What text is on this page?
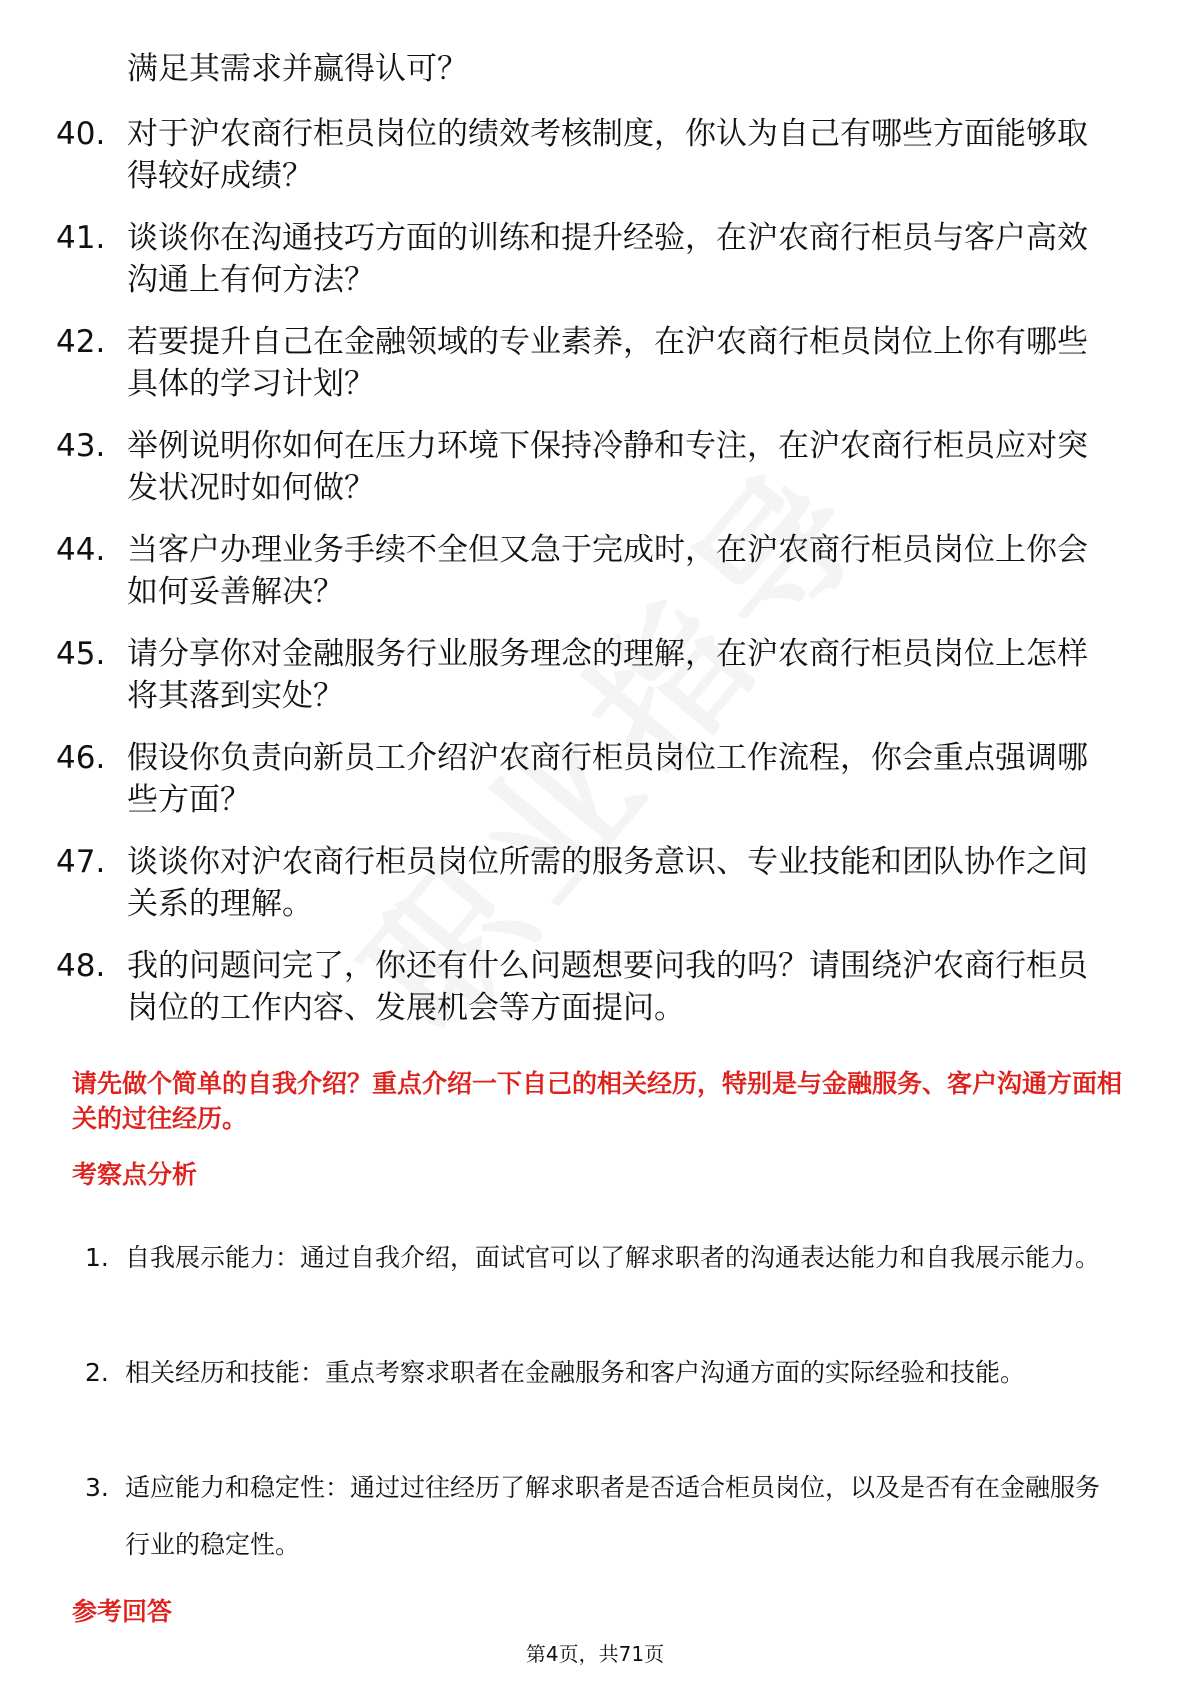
满足其需求并赢得认可？

40. 对于沪农商行柜员岗位的绩效考核制度，你认为自己有哪些方面能够取得较好成绩？

41. 谈谈你在沟通技巧方面的训练和提升经验，在沪农商行柜员与客户高效沟通上有何方法？

42. 若要提升自己在金融领域的专业素养，在沪农商行柜员岗位上你有哪些具体的学习计划？

43. 举例说明你如何在压力环境下保持冷静和专注，在沪农商行柜员应对突发状况时如何做？

44. 当客户办理业务手续不全但又急于完成时，在沪农商行柜员岗位上你会如何妥善解决？

45. 请分享你对金融服务行业服务理念的理解，在沪农商行柜员岗位上怎样将其落到实处？

46. 假设你负责向新员工介绍沪农商行柜员岗位工作流程，你会重点强调哪些方面？

47. 谈谈你对沪农商行柜员岗位所需的服务意识、专业技能和团队协作之间关系的理解。

48. 我的问题问完了，你还有什么问题想要问我的吗？请围绕沪农商行柜员岗位的工作内容、发展机会等方面提问。

请先做个简单的自我介绍？重点介绍一下自己的相关经历，特别是与金融服务、客户沟通方面相关的过往经历。

考察点分析
1. 自我展示能力：通过自我介绍，面试官可以了解求职者的沟通表达能力和自我展示能力。

2. 相关经历和技能：重点考察求职者在金融服务和客户沟通方面的实际经验和技能。

3. 适应能力和稳定性：通过过往经历了解求职者是否适合柜员岗位，以及是否有在金融服务行业的稳定性。

参考回答
第4页，共71页
